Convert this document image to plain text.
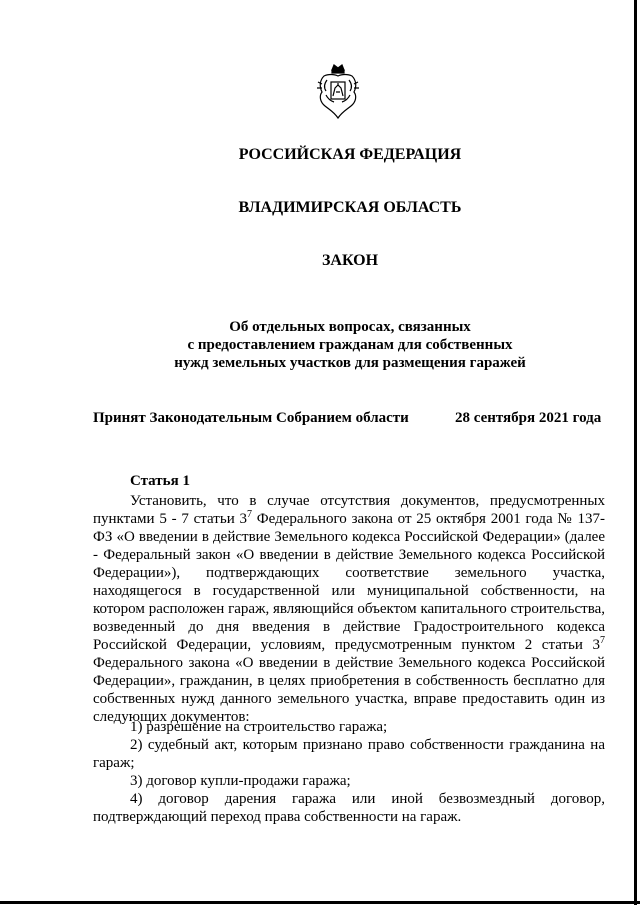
РОССИЙСКАЯ ФЕДЕРАЦИЯ
ВЛАДИМИРСКАЯ ОБЛАСТЬ
ЗАКОН
Об отдельных вопросах, связанных
с предоставлением гражданам для собственных
нужд земельных участков для размещения гаражей
Принят Законодательным Собранием области	28 сентября 2021 года
Статья 1
Установить, что в случае отсутствия документов, предусмотренных пунктами 5 - 7 статьи $3^7$ Федерального закона от 25 октября 2001 года № 137-ФЗ «О введении в действие Земельного кодекса Российской Федерации» (далее - Федеральный закон «О введении в действие Земельного кодекса Российской Федерации»), подтверждающих соответствие земельного участка, находящегося в государственной или муниципальной собственности, на котором расположен гараж, являющийся объектом капитального строительства, возведенный до дня введения в действие Градостроительного кодекса Российской Федерации, условиям, предусмотренным пунктом 2 статьи $3^7$ Федерального закона «О введении в действие Земельного кодекса Российской Федерации», гражданин, в целях приобретения в собственность бесплатно для собственных нужд данного земельного участка, вправе предоставить один из следующих документов:
1) разрешение на строительство гаража;
2) судебный акт, которым признано право собственности гражданина на гараж;
3) договор купли-продажи гаража;
4) договор дарения гаража или иной безвозмездный договор, подтверждающий переход права собственности на гараж.
